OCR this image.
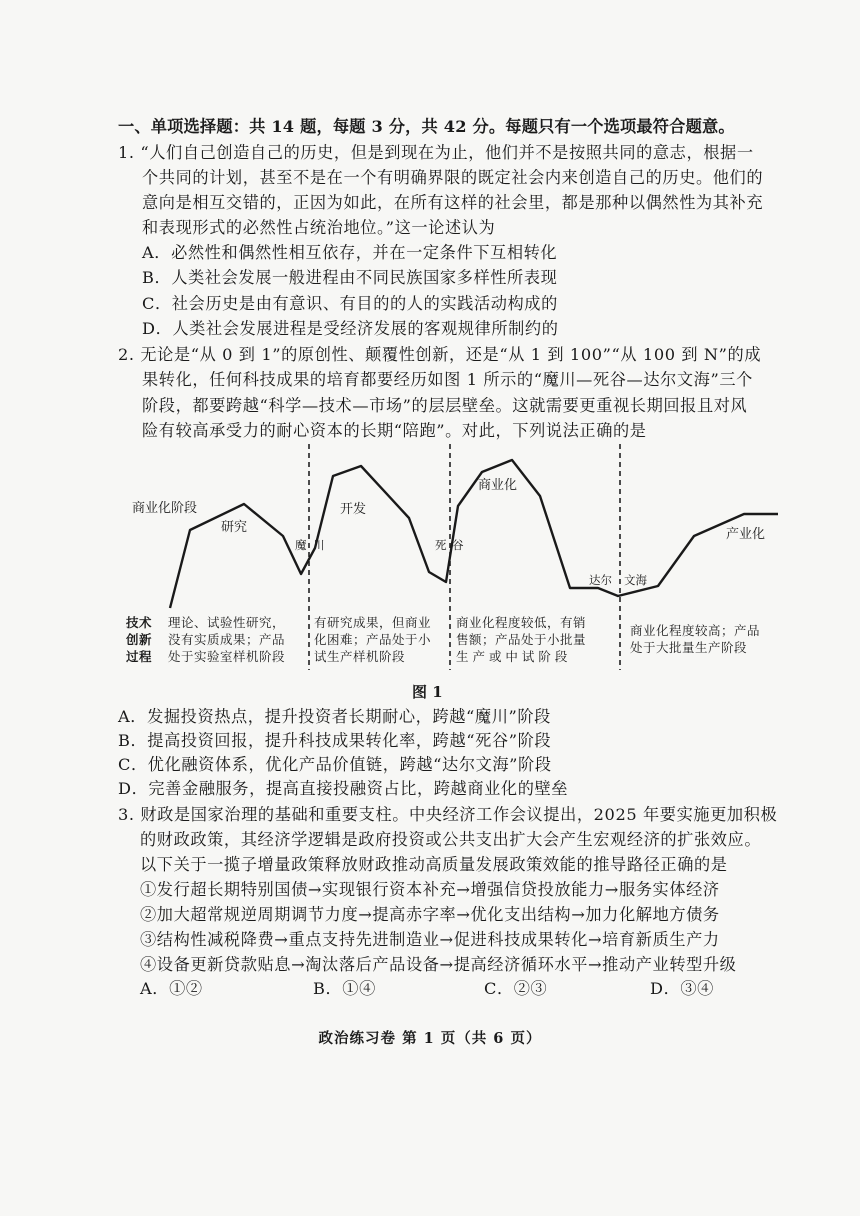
一、单项选择题：共 14 题，每题 3 分，共 42 分。每题只有一个选项最符合题意。
1. “人们自己创造自己的历史，但是到现在为止，他们并不是按照共同的意志，根据一
个共同的计划，甚至不是在一个有明确界限的既定社会内来创造自己的历史。他们的
意向是相互交错的，正因为如此，在所有这样的社会里，都是那种以偶然性为其补充
和表现形式的必然性占统治地位。”这一论述认为
A．必然性和偶然性相互依存，并在一定条件下互相转化
B．人类社会发展一般进程由不同民族国家多样性所表现
C．社会历史是由有意识、有目的的人的实践活动构成的
D．人类社会发展进程是受经济发展的客观规律所制约的
2. 无论是“从 0 到 1”的原创性、颠覆性创新，还是“从 1 到 100”“从 100 到 N”的成
果转化，任何科技成果的培育都要经历如图 1 所示的“魔川—死谷—达尔文海”三个
阶段，都要跨越“科学—技术—市场”的层层壁垒。这就需要更重视长期回报且对风
险有较高承受力的耐心资本的长期“陪跑”。对此，下列说法正确的是
商业化阶段
研究
开发
商业化
产业化
魔 川	死 谷
达尔 文海
技术
创新
过程
理论、试验性研究，
没有实质成果；产品
处于实验室样机阶段
有研究成果，但商业
化困难；产品处于小
试生产样机阶段
商业化程度较低，有销
售额；产品处于小批量
生 产 或 中 试 阶 段
商业化程度较高；产品
处于大批量生产阶段
图 1
A．发掘投资热点，提升投资者长期耐心，跨越“魔川”阶段
B．提高投资回报，提升科技成果转化率，跨越“死谷”阶段
C．优化融资体系，优化产品价值链，跨越“达尔文海”阶段
D．完善金融服务，提高直接投融资占比，跨越商业化的壁垒
3. 财政是国家治理的基础和重要支柱。中央经济工作会议提出，2025 年要实施更加积极
的财政政策，其经济学逻辑是政府投资或公共支出扩大会产生宏观经济的扩张效应。
以下关于一揽子增量政策释放财政推动高质量发展政策效能的推导路径正确的是
①发行超长期特别国债→实现银行资本补充→增强信贷投放能力→服务实体经济
②加大超常规逆周期调节力度→提高赤字率→优化支出结构→加力化解地方债务
③结构性减税降费→重点支持先进制造业→促进科技成果转化→培育新质生产力
④设备更新贷款贴息→淘汰落后产品设备→提高经济循环水平→推动产业转型升级
A．①②	B．①④	C．②③	D．③④
政治练习卷 第 1 页（共 6 页）
